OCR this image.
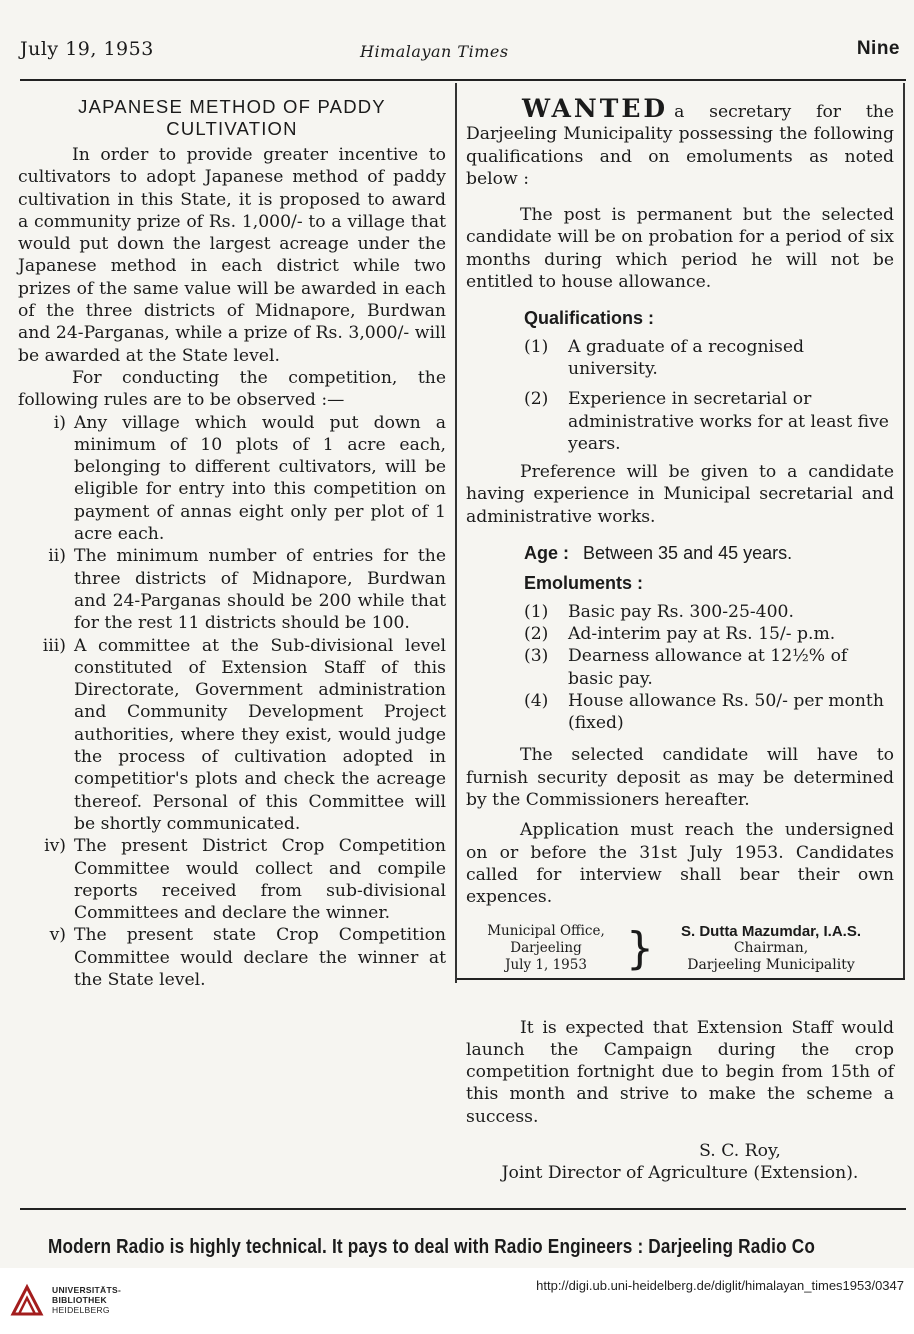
July 19, 1953	Himalayan Times	Nine
JAPANESE METHOD OF PADDY
CULTIVATION

In order to provide greater incentive to cultivators to adopt Japanese method of paddy cultivation in this State, it is proposed to award a community prize of Rs. 1,000/- to a village that would put down the largest acreage under the Japanese method in each district while two prizes of the same value will be awarded in each of the three districts of Midnapore, Burdwan and 24-Parganas, while a prize of Rs. 3,000/- will be awarded at the State level.

For conducting the competition, the following rules are to be observed :—

i) Any village which would put down a minimum of 10 plots of 1 acre each, belonging to different cultivators, will be eligible for entry into this competition on payment of annas eight only per plot of 1 acre each.
ii) The minimum number of entries for the three districts of Midnapore, Burdwan and 24-Parganas should be 200 while that for the rest 11 districts should be 100.
iii) A committee at the Sub-divisional level constituted of Extension Staff of this Directorate, Government administration and Community Development Project authorities, where they exist, would judge the process of cultivation adopted in competitior's plots and check the acreage thereof. Personal of this Committee will be shortly communicated.
iv) The present District Crop Competition Committee would collect and compile reports received from sub-divisional Committees and declare the winner.
v) The present state Crop Competition Committee would declare the winner at the State level.

WANTED a secretary for the Darjeeling Municipality possessing the following qualifications and on emoluments as noted below :

The post is permanent but the selected candidate will be on probation for a period of six months during which period he will not be entitled to house allowance.

Qualifications :
(1)	A graduate of a recognised university.
(2)	Experience in secretarial or administrative works for at least five years.

Preference will be given to a candidate having experience in Municipal secretarial and administrative works.

Age : Between 35 and 45 years.
Emoluments :
(1)	Basic pay Rs. 300-25-400.
(2)	Ad-interim pay at Rs. 15/- p.m.
(3)	Dearness allowance at 12½% of basic pay.
(4)	House allowance Rs. 50/- per month (fixed)

The selected candidate will have to furnish security deposit as may be determined by the Commissioners hereafter.

Application must reach the undersigned on or before the 31st July 1953. Candidates called for interview shall bear their own expences.

Municipal Office,
Darjeeling
July 1, 1953 }	S. Dutta Mazumdar, I.A.S.
Chairman,
Darjeeling Municipality

It is expected that Extension Staff would launch the Campaign during the crop competition fortnight due to begin from 15th of this month and strive to make the scheme a success.

S. C. Roy,
Joint Director of Agriculture (Extension).
Modern Radio is highly technical. It pays to deal with Radio Engineers : Darjeeling Radio Co
UNIVERSITÄTS-
BIBLIOTHEK
HEIDELBERG
http://digi.ub.uni-heidelberg.de/diglit/himalayan_times1953/0347
